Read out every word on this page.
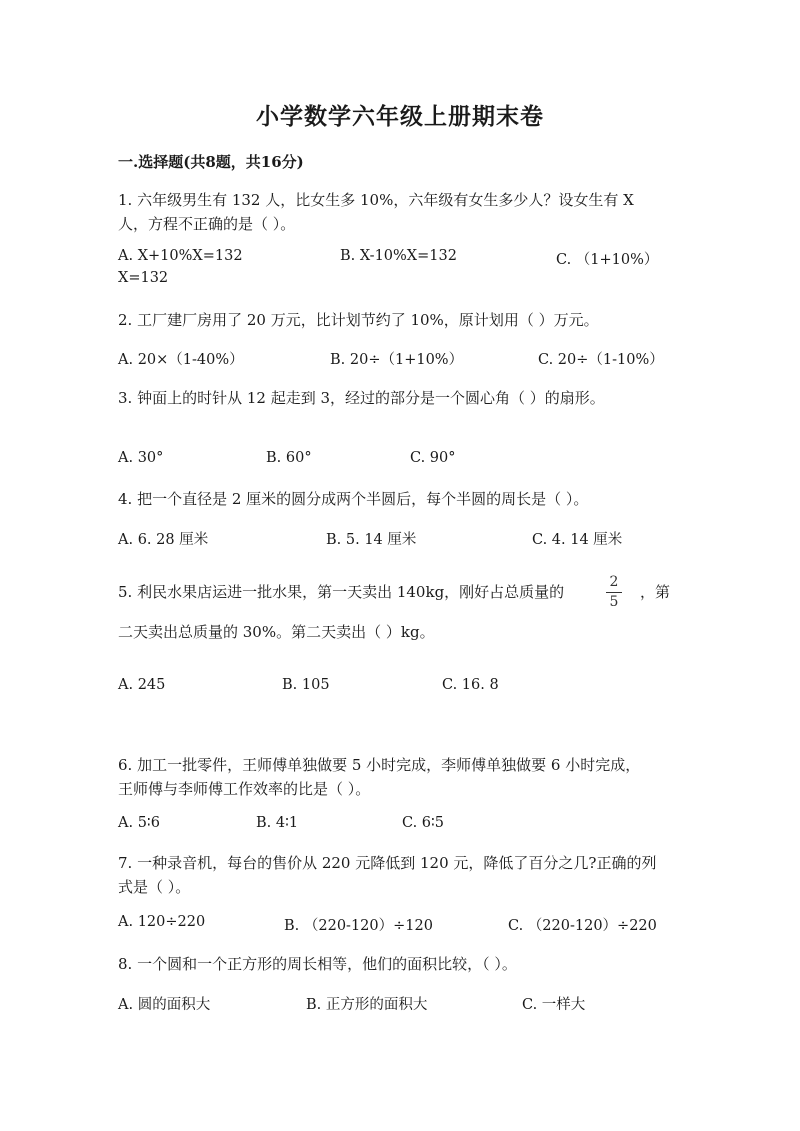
小学数学六年级上册期末卷
一.选择题(共8题，共16分)
1. 六年级男生有 132 人，比女生多 10%，六年级有女生多少人？设女生有 X
人，方程不正确的是（ ）。
A. X+10%X=132	B. X-10%X=132	C. （1+10%）
X=132
2. 工厂建厂房用了 20 万元，比计划节约了 10%，原计划用（ ）万元。
A. 20×（1-40%）	B. 20÷（1+10%）	C. 20÷（1-10%）
3. 钟面上的时针从 12 起走到 3，经过的部分是一个圆心角（ ）的扇形。
A. 30°	B. 60°	C. 90°
4. 把一个直径是 2 厘米的圆分成两个半圆后，每个半圆的周长是（ ）。
A. 6. 28 厘米	B. 5. 14 厘米	C. 4. 14 厘米
5. 利民水果店运进一批水果，第一天卖出 140kg，刚好占总质量的
2
5
，第
二天卖出总质量的 30%。第二天卖出（ ）kg。
A. 245	B. 105	C. 16. 8
6. 加工一批零件，王师傅单独做要 5 小时完成，李师傅单独做要 6 小时完成，
王师傅与李师傅工作效率的比是（ ）。
A. 5∶6	B. 4∶1	C. 6∶5
7. 一种录音机，每台的售价从 220 元降低到 120 元，降低了百分之几?正确的列
式是（ ）。
A. 120÷220	B. （220-120）÷120	C. （220-120）÷220
8. 一个圆和一个正方形的周长相等，他们的面积比较，（ ）。
A. 圆的面积大	B. 正方形的面积大	C. 一样大
